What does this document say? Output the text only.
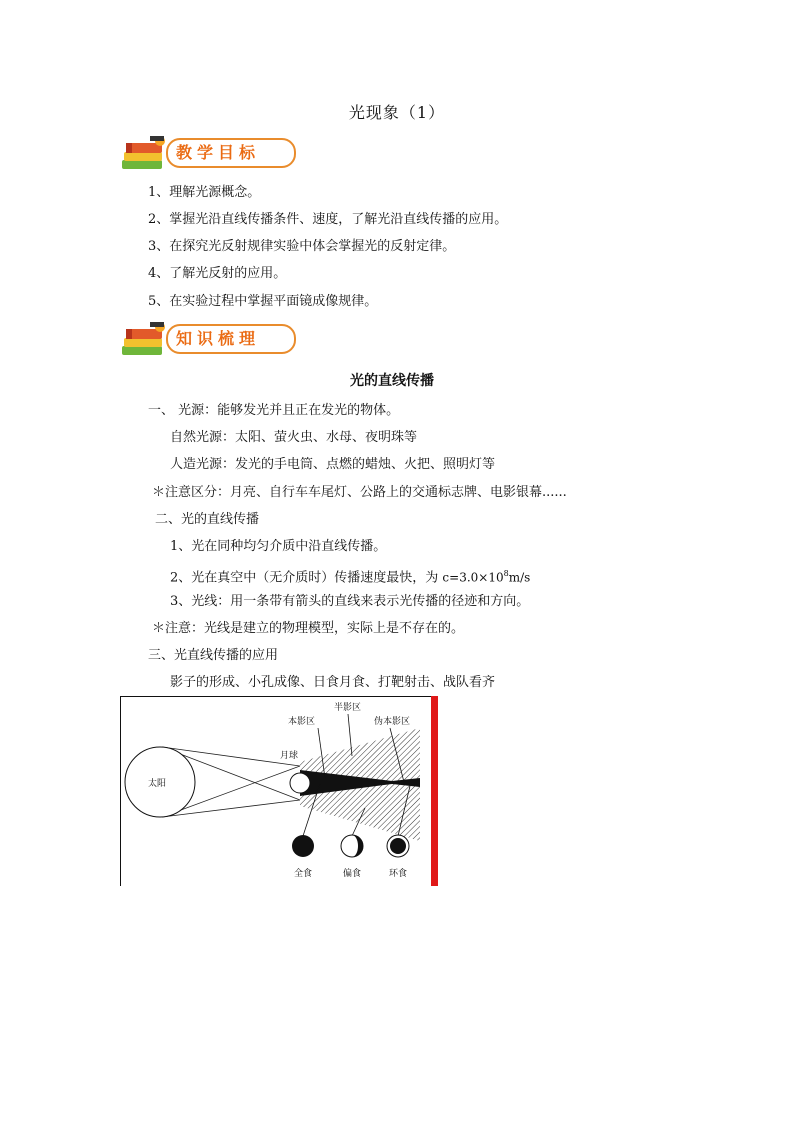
光现象（1）
教学目标
1、理解光源概念。
2、掌握光沿直线传播条件、速度，了解光沿直线传播的应用。
3、在探究光反射规律实验中体会掌握光的反射定律。
4、了解光反射的应用。
5、在实验过程中掌握平面镜成像规律。
知识梳理
光的直线传播
一、 光源：能够发光并且正在发光的物体。
自然光源：太阳、萤火虫、水母、夜明珠等
人造光源：发光的手电筒、点燃的蜡烛、火把、照明灯等
＊注意区分：月亮、自行车车尾灯、公路上的交通标志牌、电影银幕......
二、光的直线传播
1、光在同种均匀介质中沿直线传播。
2、光在真空中（无介质时）传播速度最快，为 $c=3.0\times 10^8m/s$
3、光线：用一条带有箭头的直线来表示光传播的径迹和方向。
＊注意：光线是建立的物理模型，实际上是不存在的。
三、光直线传播的应用
影子的形成、小孔成像、日食月食、打靶射击、战队看齐
太阳
月球
本影区
半影区
伪本影区
全食	偏食	环食
